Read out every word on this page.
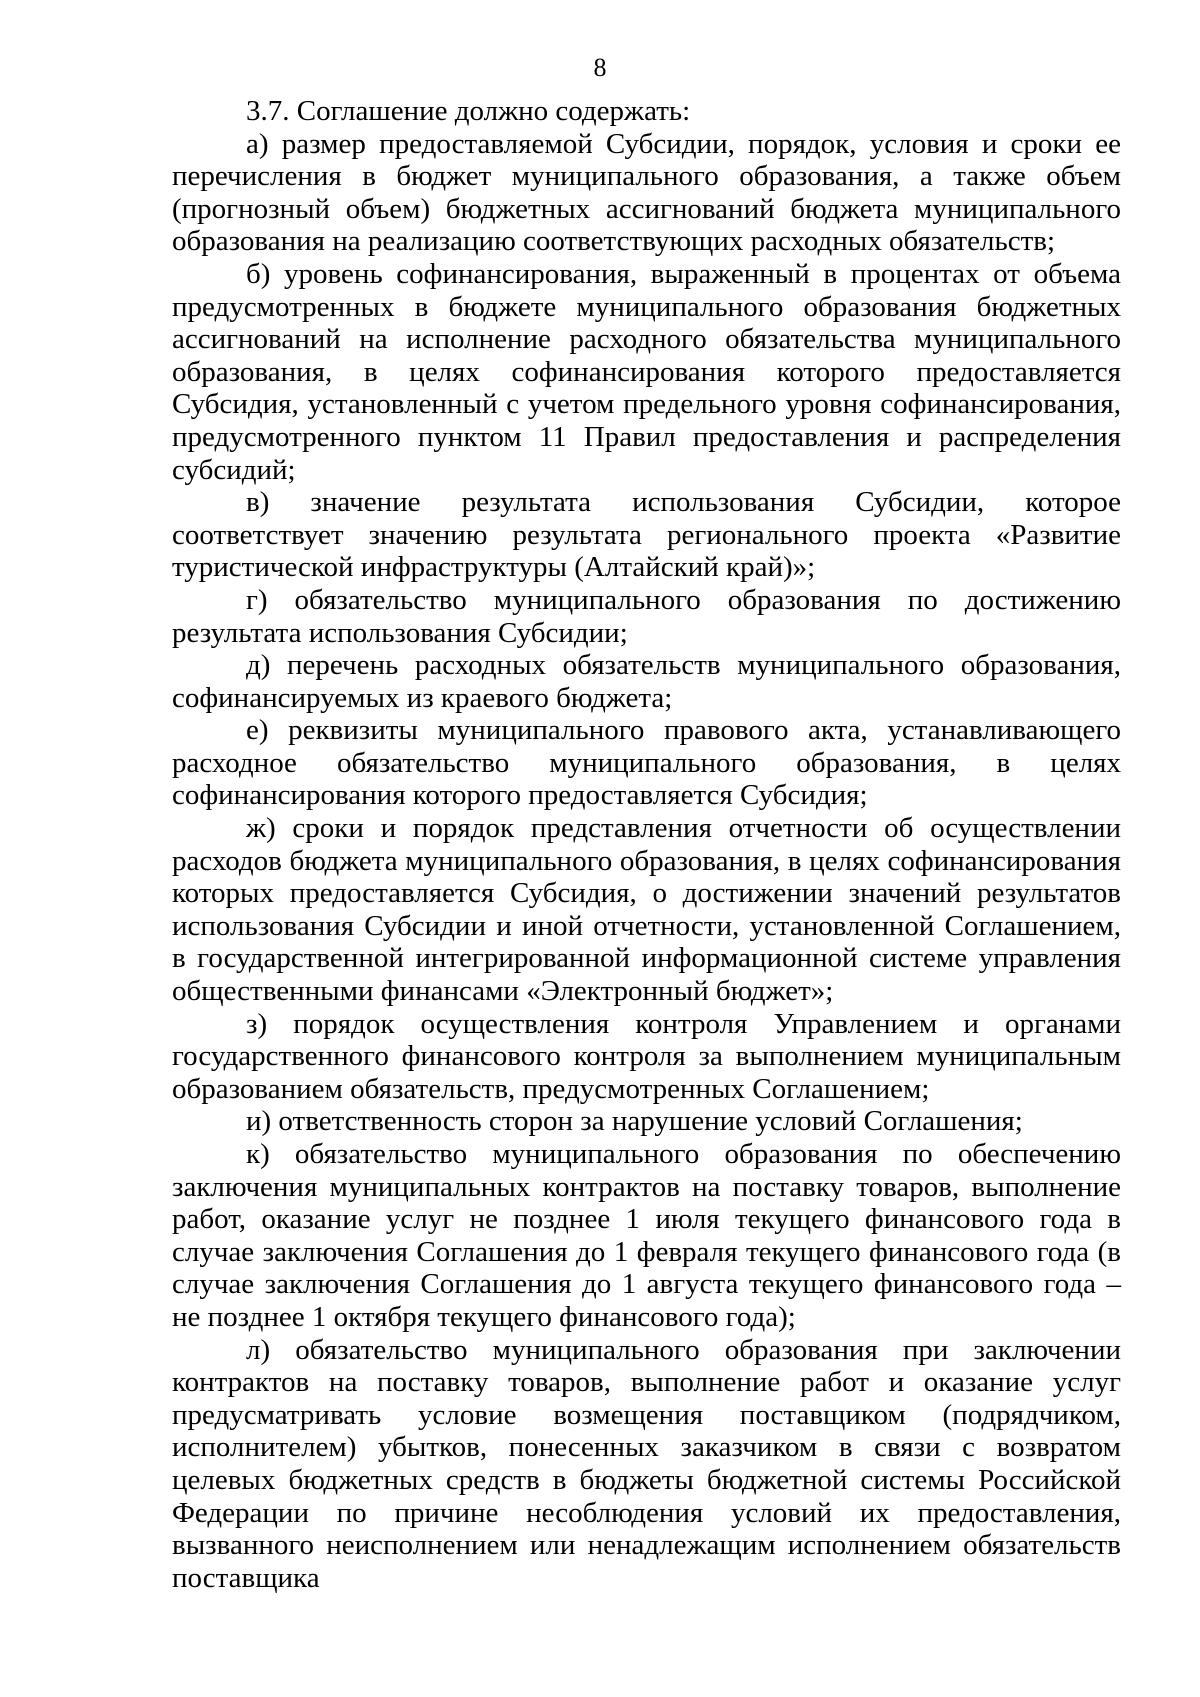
8

3.7. Соглашение должно содержать:

а) размер предоставляемой Субсидии, порядок, условия и сроки ее перечисления в бюджет муниципального образования, а также объем (прогнозный объем) бюджетных ассигнований бюджета муниципального образования на реализацию соответствующих расходных обязательств;

б) уровень софинансирования, выраженный в процентах от объема предусмотренных в бюджете муниципального образования бюджетных ассигнований на исполнение расходного обязательства муниципального образования, в целях софинансирования которого предоставляется Субсидия, установленный с учетом предельного уровня софинансирования, предусмотренного пунктом 11 Правил предоставления и распределения субсидий;

в) значение результата использования Субсидии, которое соответствует значению результата регионального проекта «Развитие туристической инфраструктуры (Алтайский край)»;

г) обязательство муниципального образования по достижению результата использования Субсидии;

д) перечень расходных обязательств муниципального образования, софинансируемых из краевого бюджета;

е) реквизиты муниципального правового акта, устанавливающего расходное обязательство муниципального образования, в целях софинансирования которого предоставляется Субсидия;

ж) сроки и порядок представления отчетности об осуществлении расходов бюджета муниципального образования, в целях софинансирования которых предоставляется Субсидия, о достижении значений результатов использования Субсидии и иной отчетности, установленной Соглашением, в государственной интегрированной информационной системе управления общественными финансами «Электронный бюджет»;

з) порядок осуществления контроля Управлением и органами государственного финансового контроля за выполнением муниципальным образованием обязательств, предусмотренных Соглашением;

и) ответственность сторон за нарушение условий Соглашения;

к) обязательство муниципального образования по обеспечению заключения муниципальных контрактов на поставку товаров, выполнение работ, оказание услуг не позднее 1 июля текущего финансового года в случае заключения Соглашения до 1 февраля текущего финансового года (в случае заключения Соглашения до 1 августа текущего финансового года – не позднее 1 октября текущего финансового года);

л) обязательство муниципального образования при заключении контрактов на поставку товаров, выполнение работ и оказание услуг предусматривать условие возмещения поставщиком (подрядчиком, исполнителем) убытков, понесенных заказчиком в связи с возвратом целевых бюджетных средств в бюджеты бюджетной системы Российской Федерации по причине несоблюдения условий их предоставления, вызванного неисполнением или ненадлежащим исполнением обязательств поставщика
